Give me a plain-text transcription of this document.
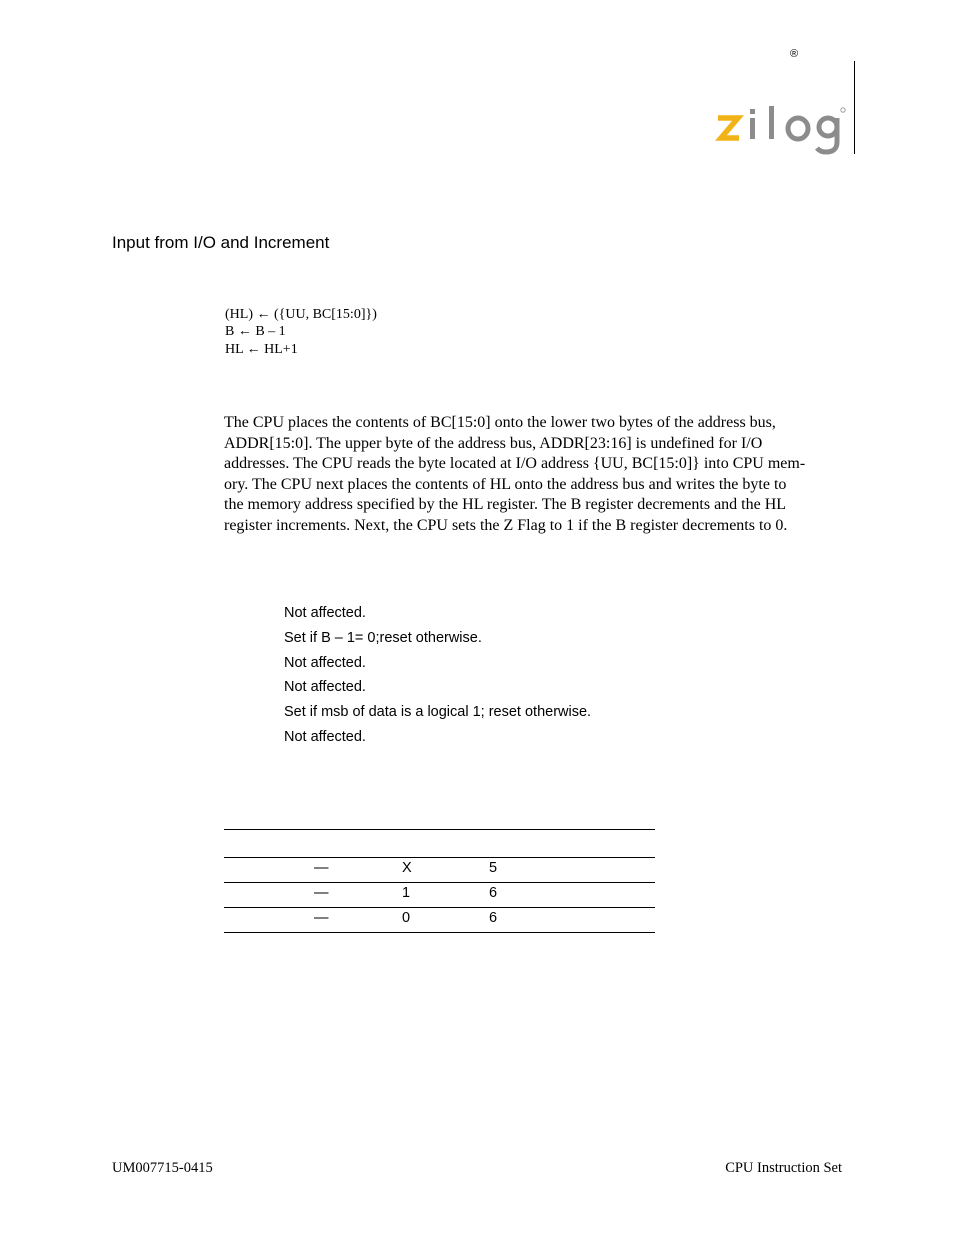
®
Input from I/O and Increment
(HL) ← ({UU, BC[15:0]})
B ← B – 1
HL ← HL+1
The CPU places the contents of BC[15:0] onto the lower two bytes of the address bus,
ADDR[15:0]. The upper byte of the address bus, ADDR[23:16] is undefined for I/O
addresses. The CPU reads the byte located at I/O address {UU, BC[15:0]} into CPU mem-
ory. The CPU next places the contents of HL onto the address bus and writes the byte to
the memory address specified by the HL register. The B register decrements and the HL
register increments. Next, the CPU sets the Z Flag to 1 if the B register decrements to 0.
Not affected.
Set if B – 1= 0;reset otherwise.
Not affected.
Not affected.
Set if msb of data is a logical 1; reset otherwise.
Not affected.
—	X	5
—	1	6
—	0	6
UM007715-0415	CPU Instruction Set
